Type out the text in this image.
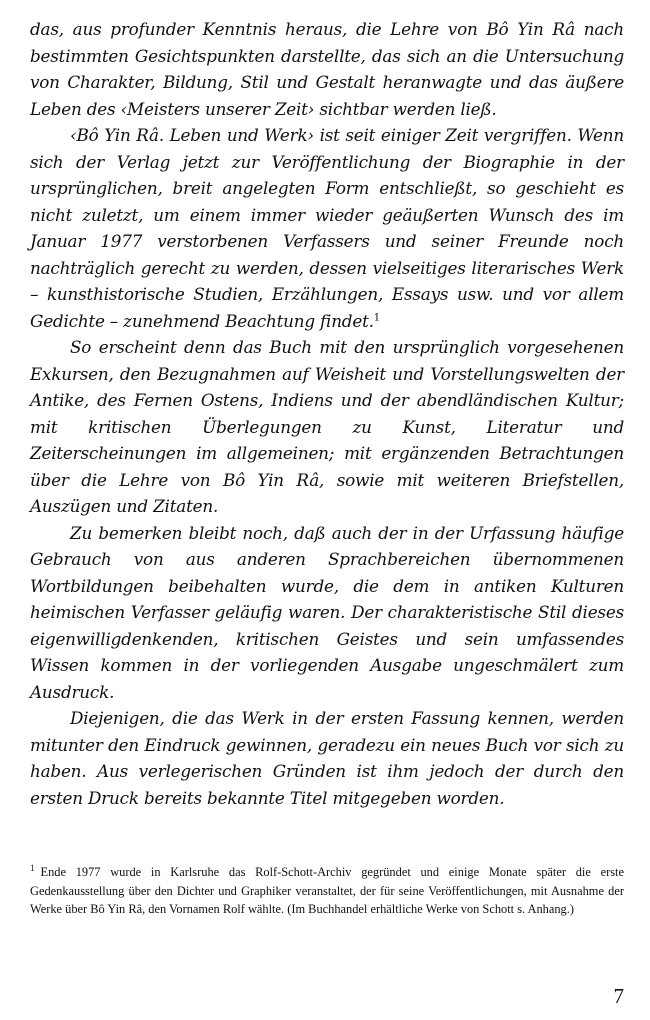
das, aus profunder Kenntnis heraus, die Lehre von Bô Yin Râ nach bestimmten Gesichtspunkten darstellte, das sich an die Untersuchung von Charakter, Bildung, Stil und Gestalt heranwagte und das äußere Leben des ‹Meisters unserer Zeit› sichtbar werden ließ.

‹Bô Yin Râ. Leben und Werk› ist seit einiger Zeit vergriffen. Wenn sich der Verlag jetzt zur Veröffentlichung der Biographie in der ursprünglichen, breit angelegten Form entschließt, so geschieht es nicht zuletzt, um einem immer wieder geäußerten Wunsch des im Januar 1977 verstorbenen Verfassers und seiner Freunde noch nachträglich gerecht zu werden, dessen vielseitiges literarisches Werk – kunsthistorische Studien, Erzählungen, Essays usw. und vor allem Gedichte – zunehmend Beachtung findet.$^1$

So erscheint denn das Buch mit den ursprünglich vorgesehenen Exkursen, den Bezugnahmen auf Weisheit und Vorstellungswelten der Antike, des Fernen Ostens, Indiens und der abendländischen Kultur; mit kritischen Überlegungen zu Kunst, Literatur und Zeiterscheinungen im allgemeinen; mit ergänzenden Betrachtungen über die Lehre von Bô Yin Râ, sowie mit weiteren Briefstellen, Auszügen und Zitaten.

Zu bemerken bleibt noch, daß auch der in der Urfassung häufige Gebrauch von aus anderen Sprachbereichen übernommenen Wortbildungen beibehalten wurde, die dem in antiken Kulturen heimischen Verfasser geläufig waren. Der charakteristische Stil dieses eigenwilligdenkenden, kritischen Geistes und sein umfassendes Wissen kommen in der vorliegenden Ausgabe ungeschmälert zum Ausdruck.

Diejenigen, die das Werk in der ersten Fassung kennen, werden mitunter den Eindruck gewinnen, geradezu ein neues Buch vor sich zu haben. Aus verlegerischen Gründen ist ihm jedoch der durch den ersten Druck bereits bekannte Titel mitgegeben worden.

$^1$ Ende 1977 wurde in Karlsruhe das Rolf-Schott-Archiv gegründet und einige Monate später die erste Gedenkausstellung über den Dichter und Graphiker veranstaltet, der für seine Veröffentlichungen, mit Ausnahme der Werke über Bô Yin Râ, den Vornamen Rolf wählte. (Im Buchhandel erhältliche Werke von Schott s. Anhang.)
7
